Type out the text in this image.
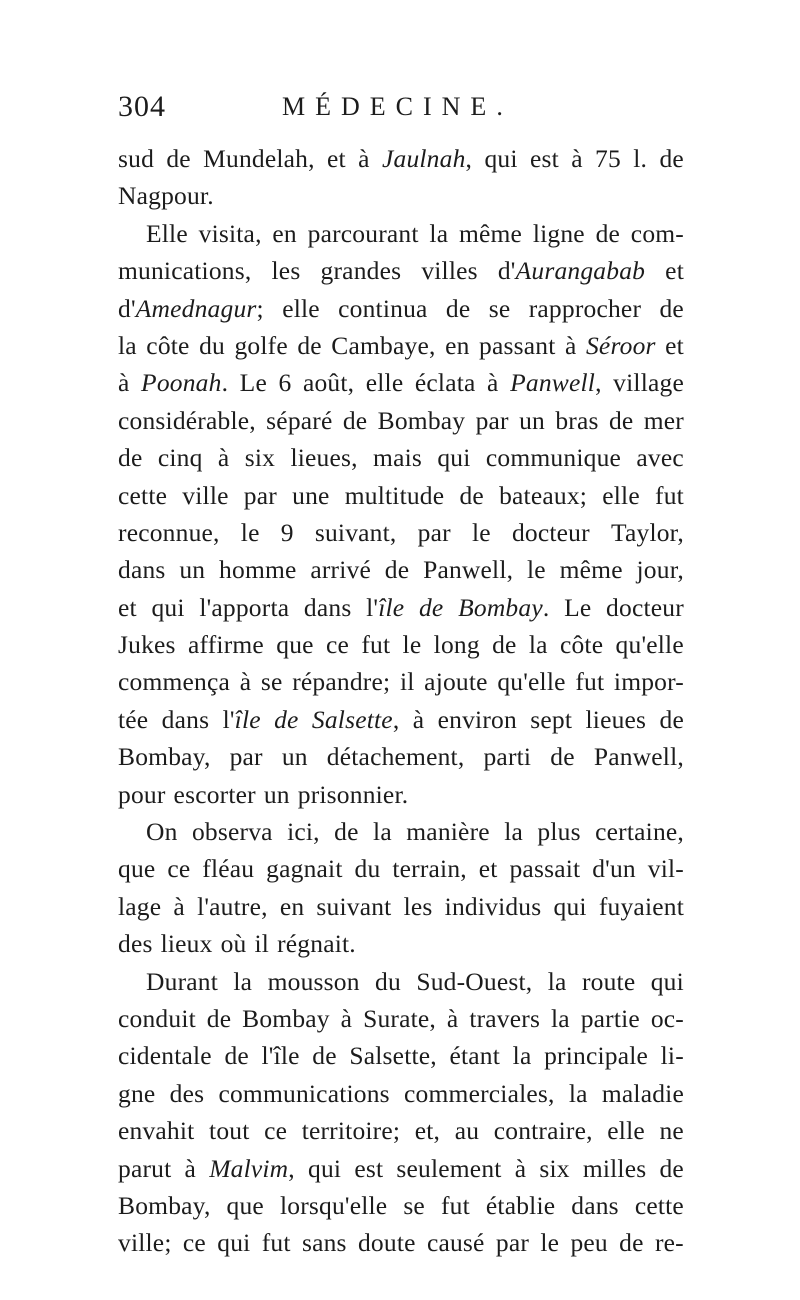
304	MÉDECINE.
sud de Mundelah, et à Jaulnah, qui est à 75 l. de
Nagpour.
Elle visita, en parcourant la même ligne de com-
munications, les grandes villes d'Aurangabab et
d'Amednagur; elle continua de se rapprocher de
la côte du golfe de Cambaye, en passant à Séroor et
à Poonah. Le 6 août, elle éclata à Panwell, village
considérable, séparé de Bombay par un bras de mer
de cinq à six lieues, mais qui communique avec
cette ville par une multitude de bateaux; elle fut
reconnue, le 9 suivant, par le docteur Taylor,
dans un homme arrivé de Panwell, le même jour,
et qui l'apporta dans l'île de Bombay. Le docteur
Jukes affirme que ce fut le long de la côte qu'elle
commença à se répandre; il ajoute qu'elle fut impor-
tée dans l'île de Salsette, à environ sept lieues de
Bombay, par un détachement, parti de Panwell,
pour escorter un prisonnier.
On observa ici, de la manière la plus certaine,
que ce fléau gagnait du terrain, et passait d'un vil-
lage à l'autre, en suivant les individus qui fuyaient
des lieux où il régnait.
Durant la mousson du Sud-Ouest, la route qui
conduit de Bombay à Surate, à travers la partie oc-
cidentale de l'île de Salsette, étant la principale li-
gne des communications commerciales, la maladie
envahit tout ce territoire; et, au contraire, elle ne
parut à Malvim, qui est seulement à six milles de
Bombay, que lorsqu'elle se fut établie dans cette
ville; ce qui fut sans doute causé par le peu de re-
